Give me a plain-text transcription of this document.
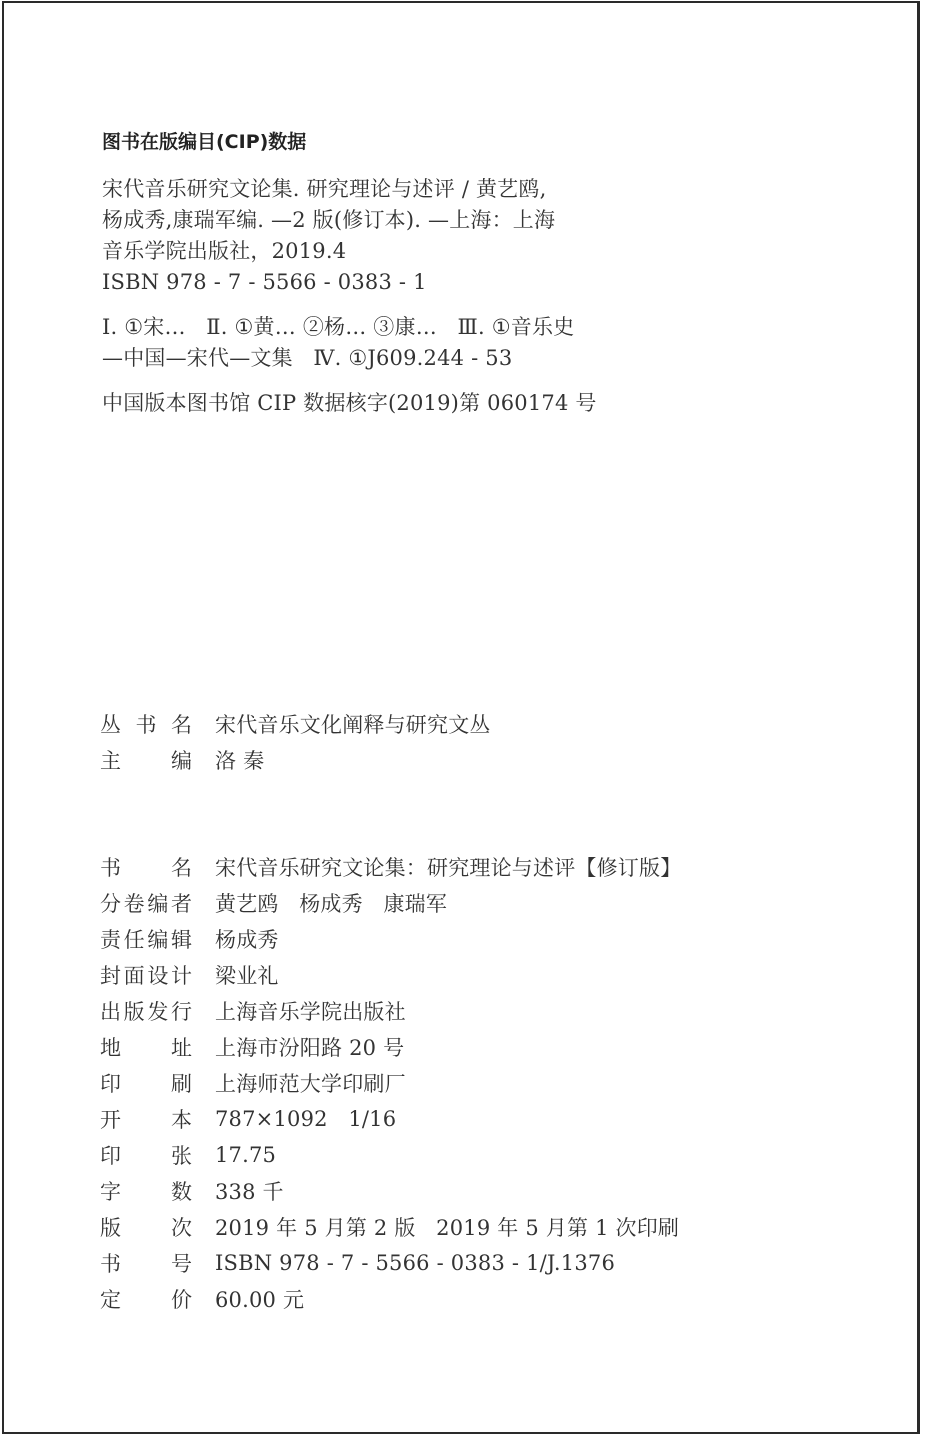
图书在版编目(CIP)数据
宋代音乐研究文论集. 研究理论与述评 / 黄艺鸥,
杨成秀,康瑞军编. —2 版(修订本). —上海：上海
音乐学院出版社，2019.4
ISBN 978 - 7 - 5566 - 0383 - 1
Ⅰ. ①宋…   Ⅱ. ①黄… ②杨… ③康…   Ⅲ. ①音乐史
—中国—宋代—文集   Ⅳ. ①J609.244 - 53
中国版本图书馆 CIP 数据核字(2019)第 060174 号
丛 书 名 宋代音乐文化阐释与研究文丛
主 编 洛 秦
书 名 宋代音乐研究文论集：研究理论与述评【修订版】
分 卷 编 者 黄艺鸥   杨成秀   康瑞军
责 任 编 辑 杨成秀
封 面 设 计 梁业礼
出 版 发 行 上海音乐学院出版社
地 址 上海市汾阳路 20 号
印 刷 上海师范大学印刷厂
开 本 787×1092   1/16
印 张 17.75
字 数 338 千
版 次 2019 年 5 月第 2 版   2019 年 5 月第 1 次印刷
书 号 ISBN 978 - 7 - 5566 - 0383 - 1/J.1376
定 价 60.00 元
